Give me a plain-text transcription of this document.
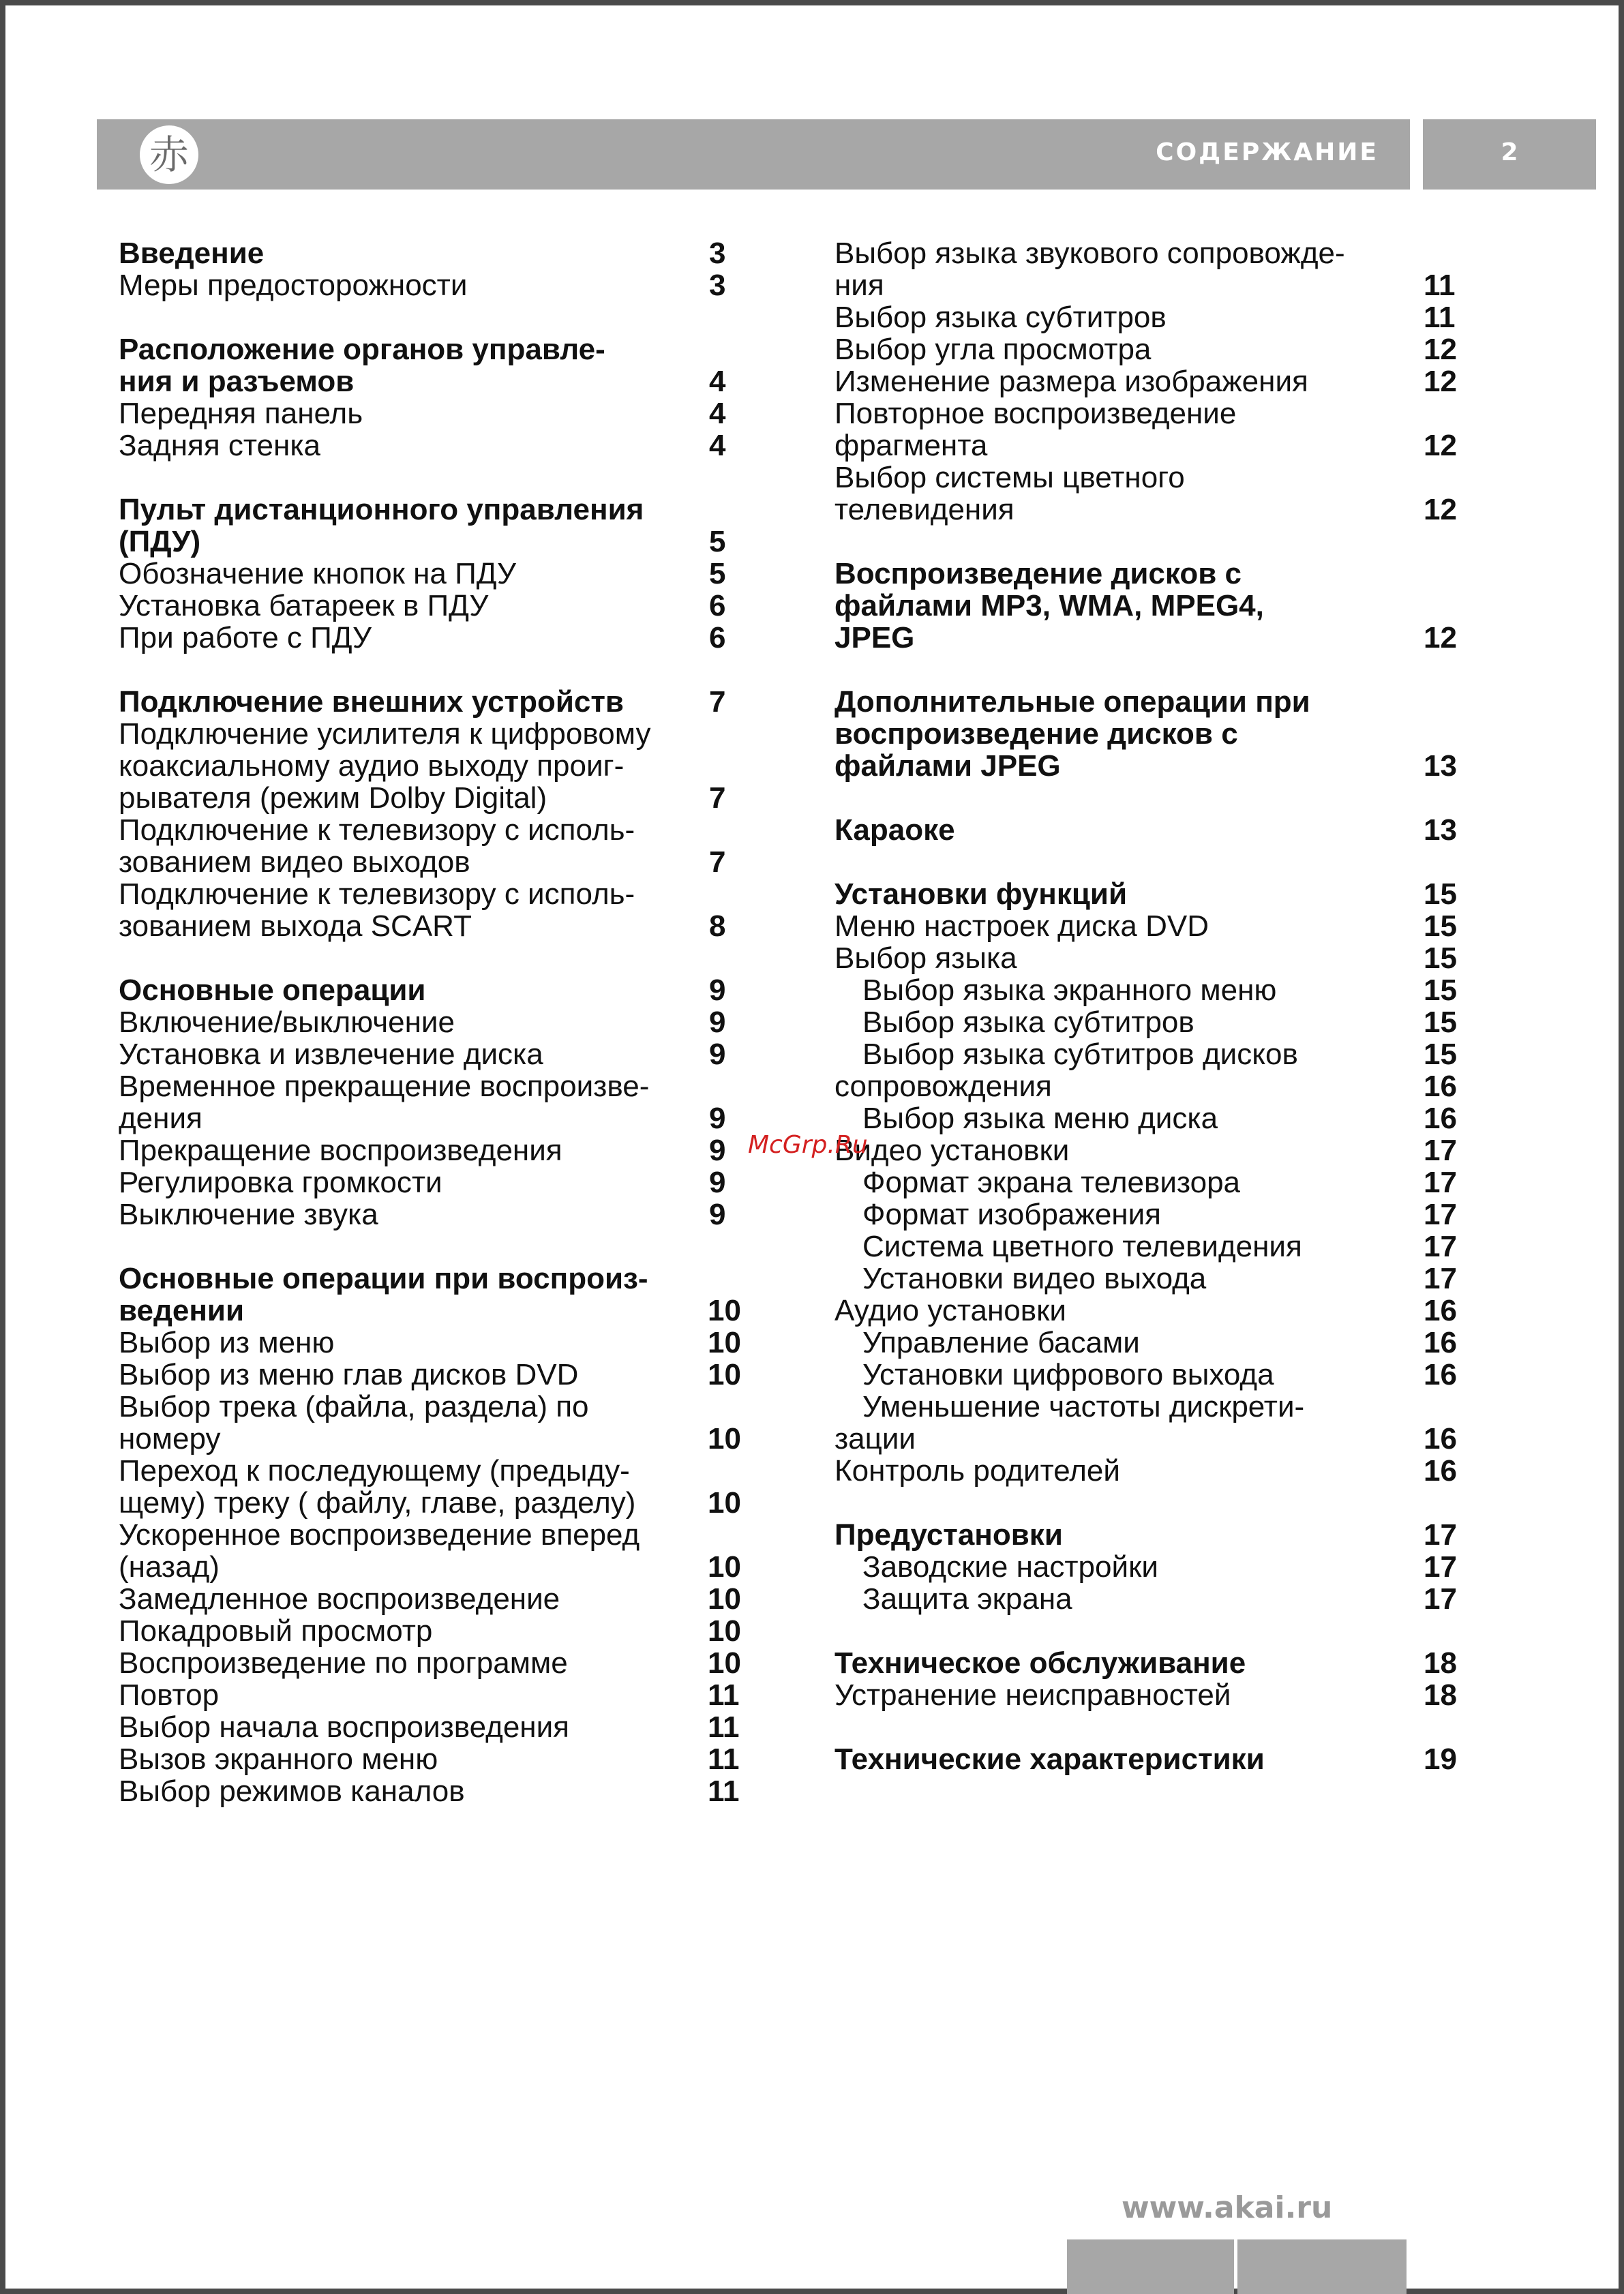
赤	СОДЕРЖАНИЕ	2
Введение	3
Меры предосторожности	3
Расположение органов управле-
ния и разъемов	4
Передняя панель	4
Задняя стенка	4
Пульт дистанционного управления
(ПДУ)	5
Обозначение кнопок на ПДУ	5
Установка батареек в ПДУ	6
При работе с ПДУ	6
Подключение внешних устройств	7
Подключение усилителя к цифровому
коаксиальному аудио выходу проиг-
рывателя (режим Dolby Digital)	7
Подключение к телевизору с исполь-
зованием видео выходов	7
Подключение к телевизору с исполь-
зованием выхода SCART	8
Основные операции	9
Включение/выключение	9
Установка и извлечение диска	9
Временное прекращение воспроизве-
дения	9
Прекращение воспроизведения	9
Регулировка громкости	9
Выключение звука	9
Основные операции при воспроиз-
ведении	10
Выбор из меню	10
Выбор из меню глав дисков DVD	10
Выбор трека (файла, раздела) по
номеру	10
Переход к последующему (предыду-
щему) треку ( файлу, главе, разделу) 10
Ускоренное воспроизведение вперед
(назад)	10
Замедленное воспроизведение	10
Покадровый просмотр	10
Воспроизведение по программе	10
Повтор	11
Выбор начала воспроизведения	11
Вызов экранного меню	11
Выбор режимов каналов	11
Выбор языка звукового сопровожде-
ния	11
Выбор языка субтитров	11
Выбор угла просмотра	12
Изменение размера изображения	12
Повторное воспроизведение
фрагмента	12
Выбор системы цветного
телевидения	12
Воспроизведение дисков с
файлами MP3, WMA, MPEG4,
JPEG	12
Дополнительные операции при
воспроизведение дисков с
файлами JPEG	13
Караоке	13
Установки функций	15
Меню настроек диска DVD	15
Выбор языка	15
Выбор языка экранного меню	15
Выбор языка субтитров	15
Выбор языка субтитров дисков	15
сопровождения	16
Выбор языка меню диска	16
Видео установки	17
Формат экрана телевизора	17
Формат изображения	17
Система цветного телевидения	17
Установки видео выхода	17
Аудио установки	16
Управление басами	16
Установки цифрового выхода	16
Уменьшение частоты дискрети-
зации	16
Контроль родителей	16
Предустановки	17
Заводские настройки	17
Защита экрана	17
Техническое обслуживание	18
Устранение неисправностей	18
Технические характеристики	19
McGrp.Ru
www.akai.ru
